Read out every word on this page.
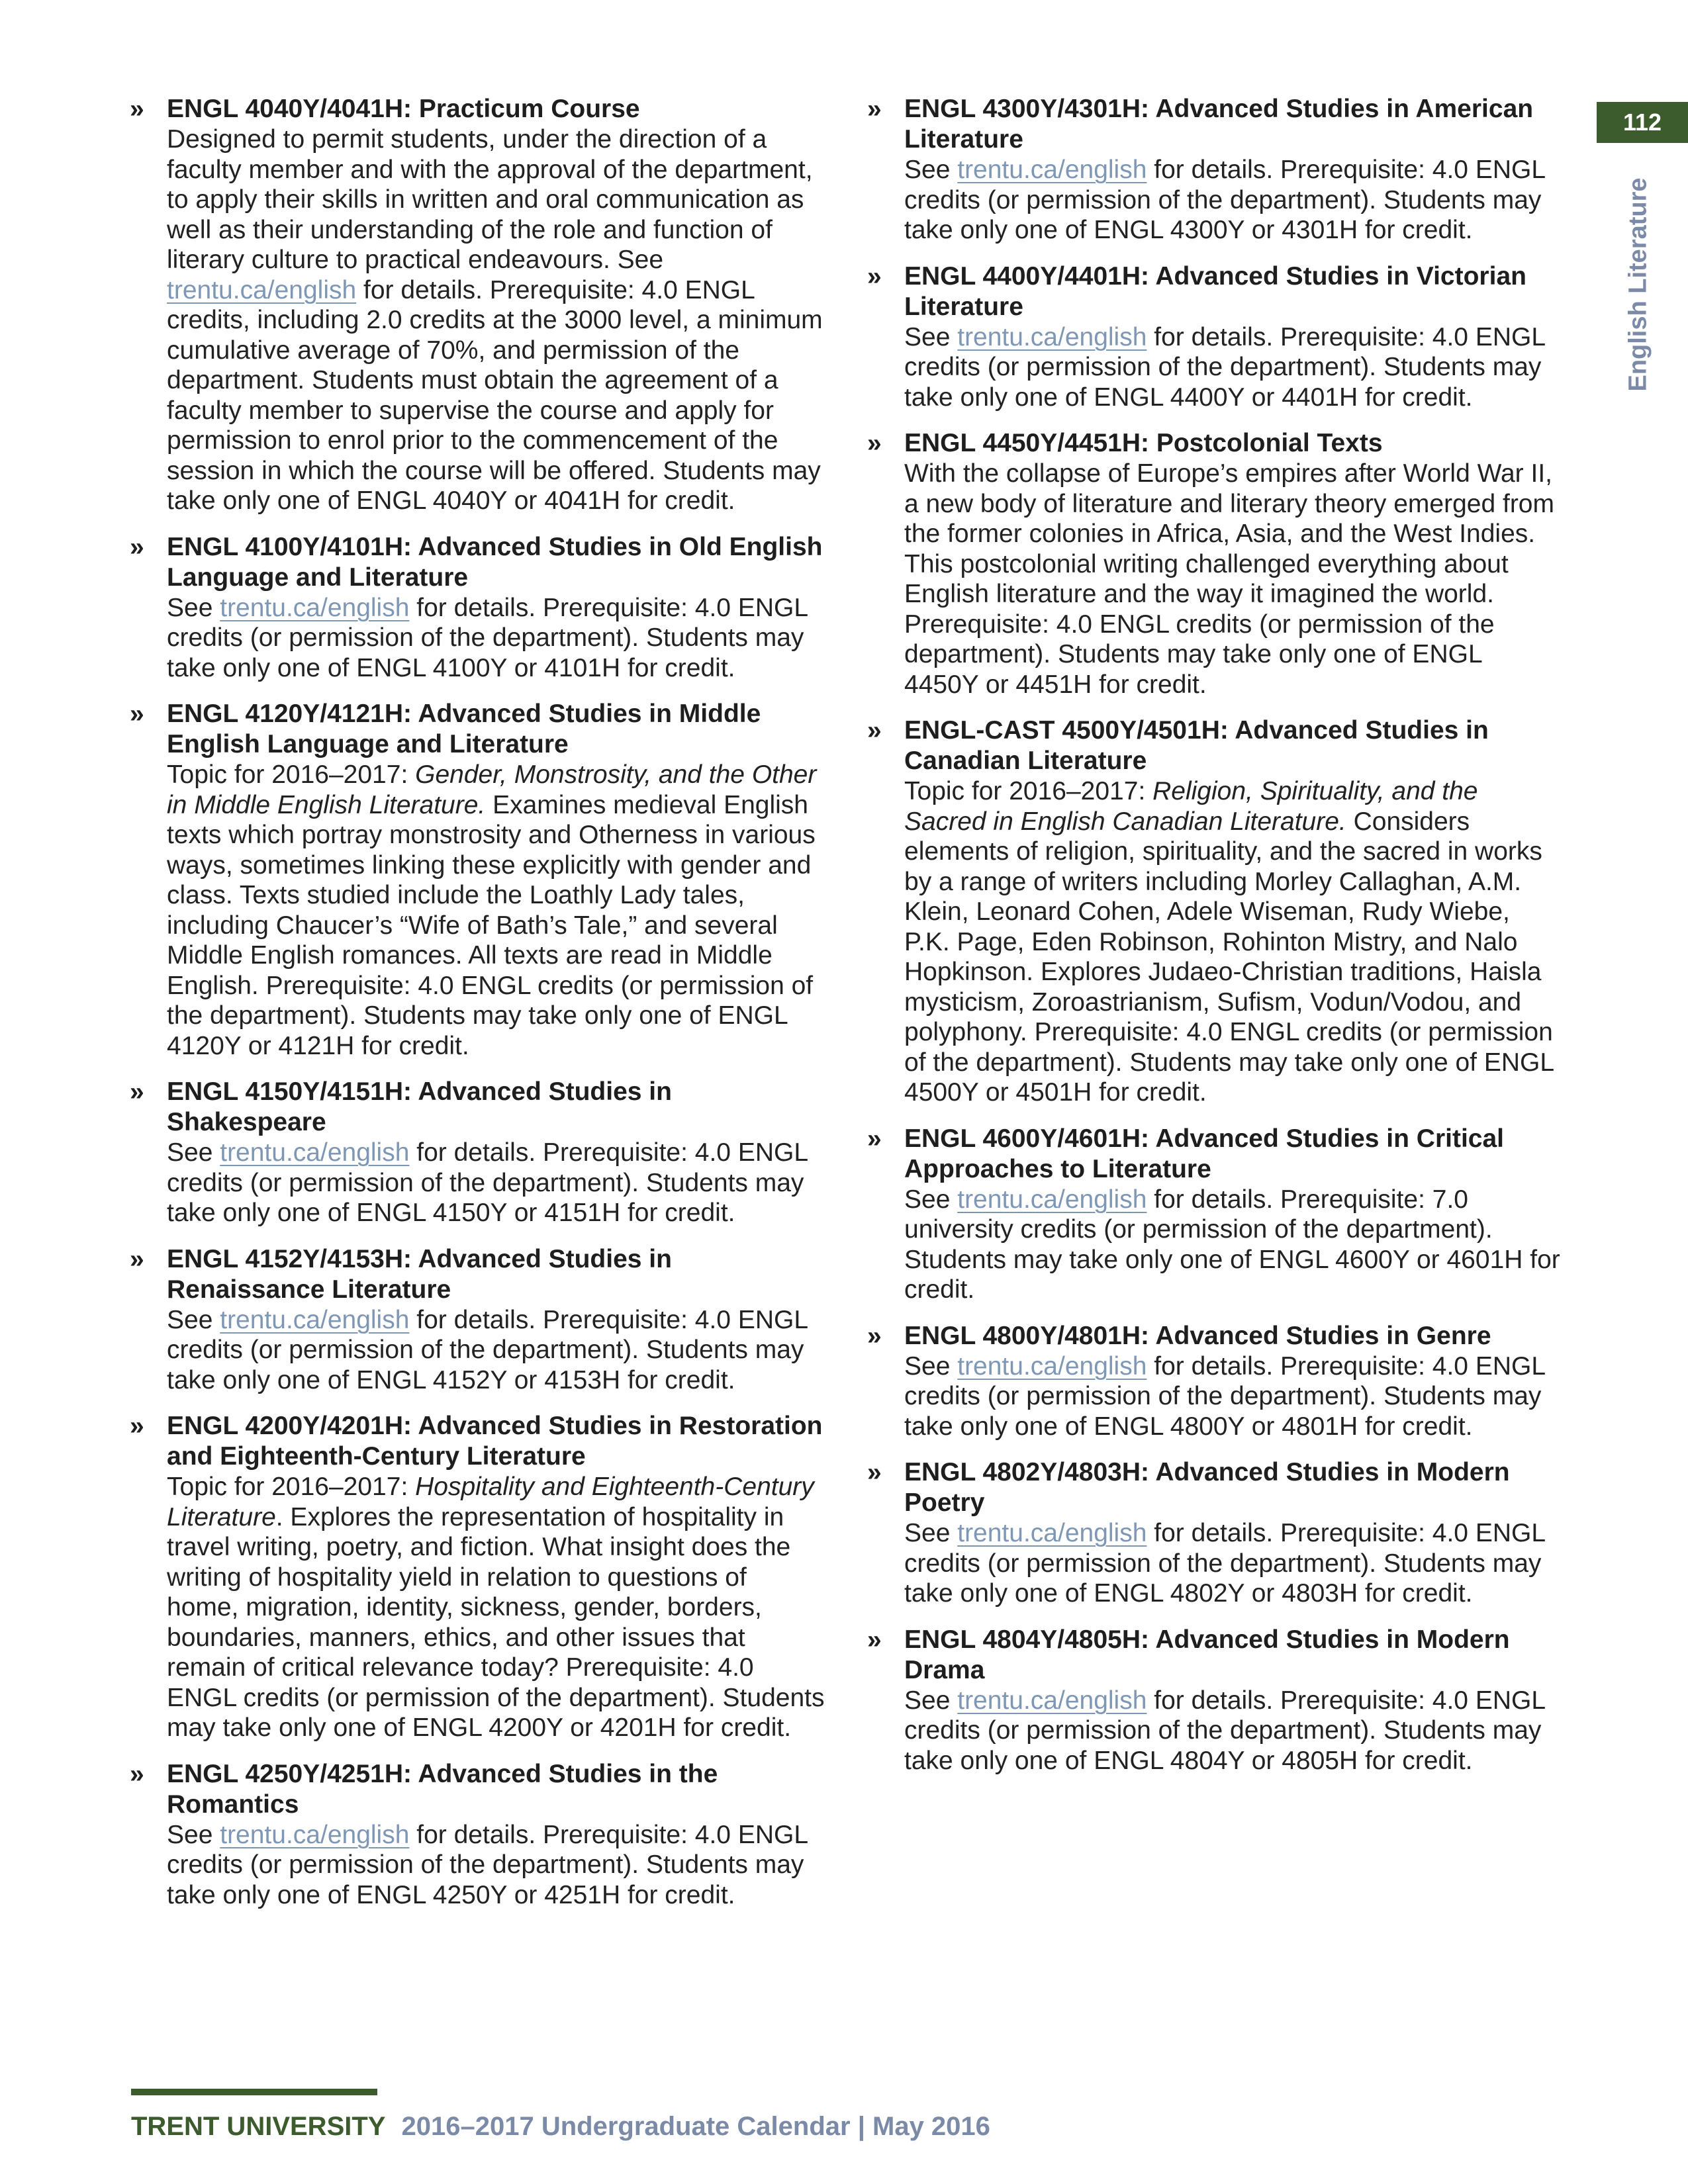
112
English Literature
» ENGL 4040Y/4041H: Practicum Course
Designed to permit students, under the direction of a faculty member and with the approval of the department, to apply their skills in written and oral communication as well as their understanding of the role and function of literary culture to practical endeavours. See trentu.ca/english for details. Prerequisite: 4.0 ENGL credits, including 2.0 credits at the 3000 level, a minimum cumulative average of 70%, and permission of the department. Students must obtain the agreement of a faculty member to supervise the course and apply for permission to enrol prior to the commencement of the session in which the course will be offered. Students may take only one of ENGL 4040Y or 4041H for credit.
» ENGL 4100Y/4101H: Advanced Studies in Old English Language and Literature
See trentu.ca/english for details. Prerequisite: 4.0 ENGL credits (or permission of the department). Students may take only one of ENGL 4100Y or 4101H for credit.
» ENGL 4120Y/4121H: Advanced Studies in Middle English Language and Literature
Topic for 2016–2017: Gender, Monstrosity, and the Other in Middle English Literature. Examines medieval English texts which portray monstrosity and Otherness in various ways, sometimes linking these explicitly with gender and class. Texts studied include the Loathly Lady tales, including Chaucer’s “Wife of Bath’s Tale,” and several Middle English romances. All texts are read in Middle English. Prerequisite: 4.0 ENGL credits (or permission of the department). Students may take only one of ENGL 4120Y or 4121H for credit.
» ENGL 4150Y/4151H: Advanced Studies in Shakespeare
See trentu.ca/english for details. Prerequisite: 4.0 ENGL credits (or permission of the department). Students may take only one of ENGL 4150Y or 4151H for credit.
» ENGL 4152Y/4153H: Advanced Studies in Renaissance Literature
See trentu.ca/english for details. Prerequisite: 4.0 ENGL credits (or permission of the department). Students may take only one of ENGL 4152Y or 4153H for credit.
» ENGL 4200Y/4201H: Advanced Studies in Restoration and Eighteenth-Century Literature
Topic for 2016–2017: Hospitality and Eighteenth-Century Literature. Explores the representation of hospitality in travel writing, poetry, and fiction. What insight does the writing of hospitality yield in relation to questions of home, migration, identity, sickness, gender, borders, boundaries, manners, ethics, and other issues that remain of critical relevance today? Prerequisite: 4.0 ENGL credits (or permission of the department). Students may take only one of ENGL 4200Y or 4201H for credit.
» ENGL 4250Y/4251H: Advanced Studies in the Romantics
See trentu.ca/english for details. Prerequisite: 4.0 ENGL credits (or permission of the department). Students may take only one of ENGL 4250Y or 4251H for credit.
» ENGL 4300Y/4301H: Advanced Studies in American Literature
See trentu.ca/english for details. Prerequisite: 4.0 ENGL credits (or permission of the department). Students may take only one of ENGL 4300Y or 4301H for credit.
» ENGL 4400Y/4401H: Advanced Studies in Victorian Literature
See trentu.ca/english for details. Prerequisite: 4.0 ENGL credits (or permission of the department). Students may take only one of ENGL 4400Y or 4401H for credit.
» ENGL 4450Y/4451H: Postcolonial Texts
With the collapse of Europe’s empires after World War II, a new body of literature and literary theory emerged from the former colonies in Africa, Asia, and the West Indies. This postcolonial writing challenged everything about English literature and the way it imagined the world. Prerequisite: 4.0 ENGL credits (or permission of the department). Students may take only one of ENGL 4450Y or 4451H for credit.
» ENGL-CAST 4500Y/4501H: Advanced Studies in Canadian Literature
Topic for 2016–2017: Religion, Spirituality, and the Sacred in English Canadian Literature. Considers elements of religion, spirituality, and the sacred in works by a range of writers including Morley Callaghan, A.M. Klein, Leonard Cohen, Adele Wiseman, Rudy Wiebe, P.K. Page, Eden Robinson, Rohinton Mistry, and Nalo Hopkinson. Explores Judaeo-Christian traditions, Haisla mysticism, Zoroastrianism, Sufism, Vodun/Vodou, and polyphony. Prerequisite: 4.0 ENGL credits (or permission of the department). Students may take only one of ENGL 4500Y or 4501H for credit.
» ENGL 4600Y/4601H: Advanced Studies in Critical Approaches to Literature
See trentu.ca/english for details. Prerequisite: 7.0 university credits (or permission of the department). Students may take only one of ENGL 4600Y or 4601H for credit.
» ENGL 4800Y/4801H: Advanced Studies in Genre
See trentu.ca/english for details. Prerequisite: 4.0 ENGL credits (or permission of the department). Students may take only one of ENGL 4800Y or 4801H for credit.
» ENGL 4802Y/4803H: Advanced Studies in Modern Poetry
See trentu.ca/english for details. Prerequisite: 4.0 ENGL credits (or permission of the department). Students may take only one of ENGL 4802Y or 4803H for credit.
» ENGL 4804Y/4805H: Advanced Studies in Modern Drama
See trentu.ca/english for details. Prerequisite: 4.0 ENGL credits (or permission of the department). Students may take only one of ENGL 4804Y or 4805H for credit.
TRENT UNIVERSITY 2016–2017 Undergraduate Calendar | May 2016
